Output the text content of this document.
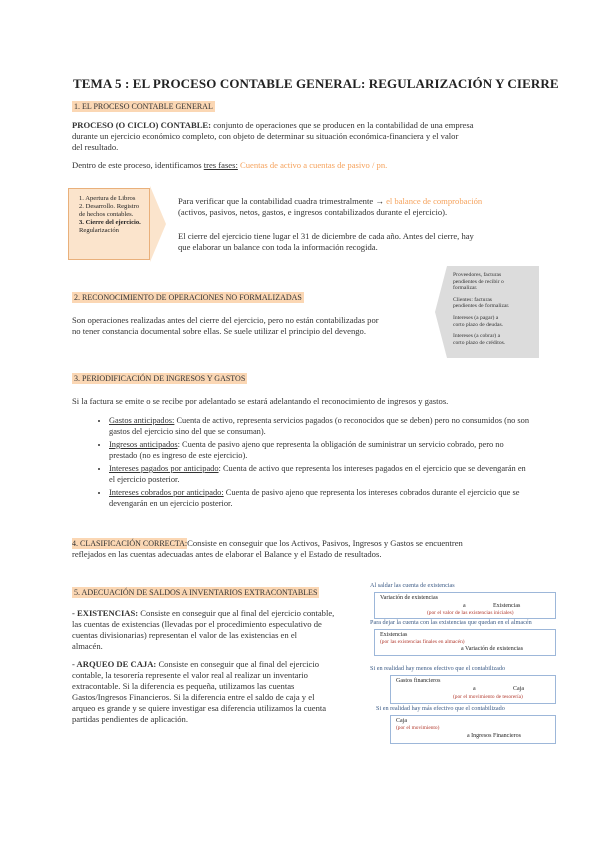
TEMA 5 : EL PROCESO CONTABLE GENERAL: REGULARIZACIÓN Y CIERRE
1. EL PROCESO CONTABLE GENERAL
PROCESO (O CICLO) CONTABLE: conjunto de operaciones que se producen en la contabilidad de una empresa
durante un ejercicio económico completo, con objeto de determinar su situación económica-financiera y el valor
del resultado.
Dentro de este proceso, identificamos tres fases: Cuentas de activo a cuentas de pasivo / pn.
1. Apertura de Libros
2. Desarrollo. Registro
de hechos contables.
3. Cierre del ejercicio.
Regularización
Para verificar que la contabilidad cuadra trimestralmente → el balance de comprobación
(activos, pasivos, netos, gastos, e ingresos contabilizados durante el ejercicio).
El cierre del ejercicio tiene lugar el 31 de diciembre de cada año. Antes del cierre, hay
que elaborar un balance con toda la información recogida.
Proveedores, facturas
pendientes de recibir o
formalizar.
Clientes: facturas
pendientes de formalizar.
Intereses (a pagar) a
corto plazo de deudas.
Intereses (a cobrar) a
corto plazo de créditos.
2. RECONOCIMIENTO DE OPERACIONES NO FORMALIZADAS
Son operaciones realizadas antes del cierre del ejercicio, pero no están contabilizadas por
no tener constancia documental sobre ellas. Se suele utilizar el principio del devengo.
3. PERIODIFICACIÓN DE INGRESOS Y GASTOS
Si la factura se emite o se recibe por adelantado se estará adelantando el reconocimiento de ingresos y gastos.
• Gastos anticipados: Cuenta de activo, representa servicios pagados (o reconocidos que se deben) pero no consumidos (no son gastos del ejercicio sino del que se consuman).
• Ingresos anticipados: Cuenta de pasivo ajeno que representa la obligación de suministrar un servicio cobrado, pero no prestado (no es ingreso de este ejercicio).
• Intereses pagados por anticipado: Cuenta de activo que representa los intereses pagados en el ejercicio que se devengarán en el ejercicio posterior.
• Intereses cobrados por anticipado: Cuenta de pasivo ajeno que representa los intereses cobrados durante el ejercicio que se devengarán en un ejercicio posterior.
4. CLASIFICACIÓN CORRECTA:Consiste en conseguir que los Activos, Pasivos, Ingresos y Gastos se encuentren
reflejados en las cuentas adecuadas antes de elaborar el Balance y el Estado de resultados.
5. ADECUACIÓN DE SALDOS A INVENTARIOS EXTRACONTABLES
- EXISTENCIAS: Consiste en conseguir que al final del ejercicio contable,
las cuentas de existencias (llevadas por el procedimiento especulativo de
cuentas divisionarias) representan el valor de las existencias en el
almacén.
- ARQUEO DE CAJA: Consiste en conseguir que al final del ejercicio
contable, la tesorería represente el valor real al realizar un inventario
extracontable. Si la diferencia es pequeña, utilizamos las cuentas
Gastos/Ingresos Financieros. Si la diferencia entre el saldo de caja y el
arqueo es grande y se quiere investigar esa diferencia utilizamos la cuenta
partidas pendientes de aplicación.
Al saldar las cuenta de existencias
Variación de existencias
a	Existencias
(por el valor de las existencias iniciales)
Para dejar la cuenta con las existencias que quedan en el almacén
Existencias
(por las existencias finales en almacén)
a Variación de existencias
Si en realidad hay menos efectivo que el contabilizado
Gastos financieros
a	Caja
(por el movimiento de tesorería)
Si en realidad hay más efectivo que el contabilizado
Caja
(por el movimiento)
a Ingresos Financieros
